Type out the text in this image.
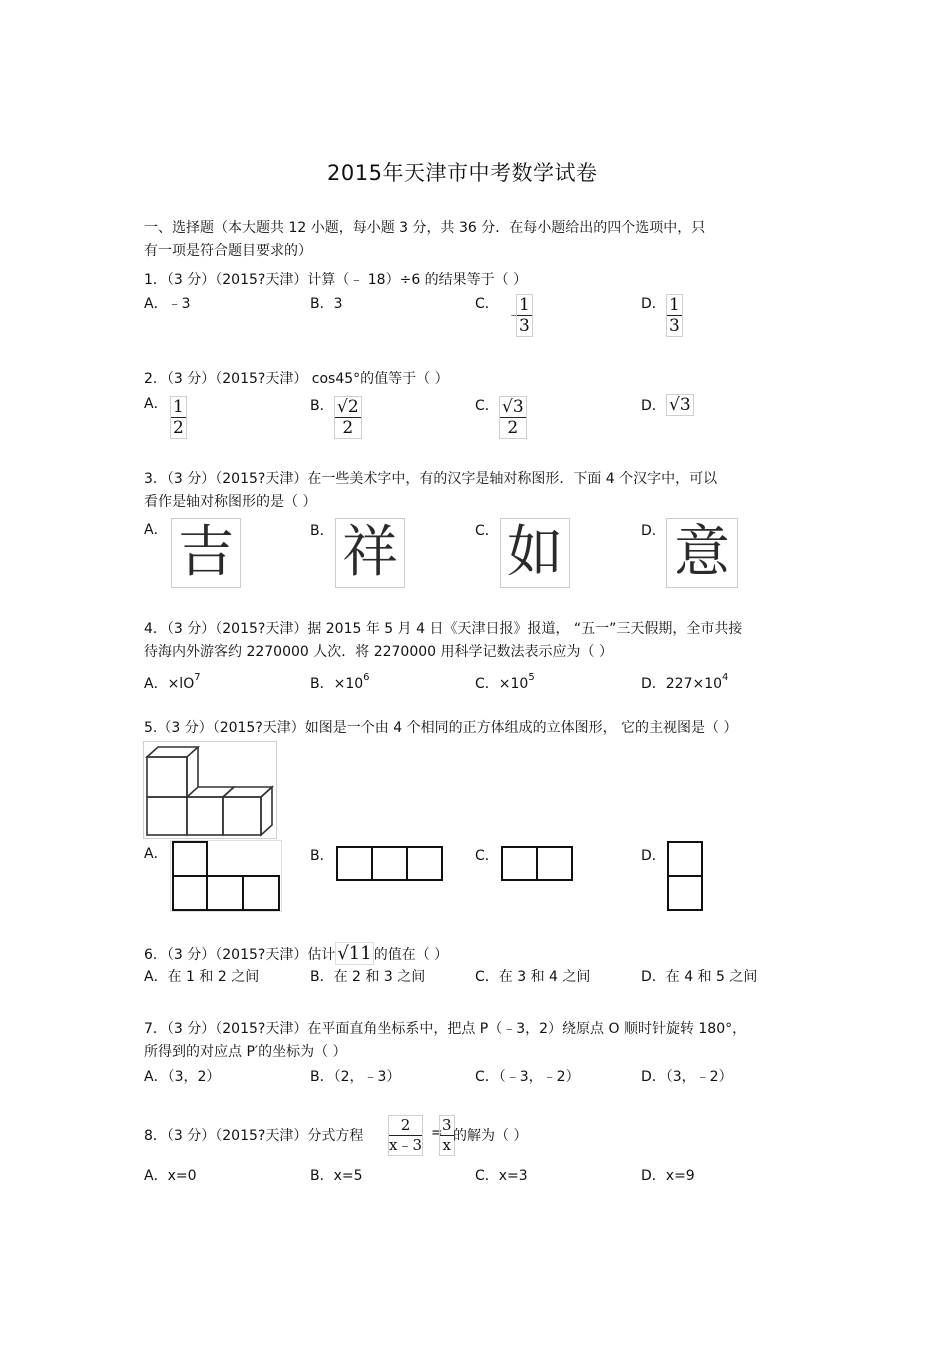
2015年天津市中考数学试卷
一、选择题（本大题共 12 小题，每小题 3 分，共 36 分．在每小题给出的四个选项中，只
有一项是符合题目要求的）
1．（3 分）（2015?天津）计算（﹣ 18）÷6 的结果等于（ ）
A．﹣3	B．3	C．
﹣
$\frac{1}{3}$	D． $\frac{1}{3}$
2．（3 分）（2015?天津） cos45°的值等于（ ）
A． $\frac{1}{2}$	B． $\frac{√2}{2}$	C． $\frac{√3}{2}$	D． √3
3．（3 分）（2015?天津）在一些美术字中，有的汉字是轴对称图形．下面 4 个汉字中，可以
看作是轴对称图形的是（ ）
A． 吉	B． 祥	C． 如	D． 意
4．（3 分）（2015?天津）据 2015 年 5 月 4 日《天津日报》报道， “五一”三天假期，全市共接
待海内外游客约 2270000 人次．将 2270000 用科学记数法表示应为（ ）
A．$\times lO^7$	B．$\times 10^6$	C．$\times 10^5$	D．$227\times 10^4$
5.（3 分）（2015?天津）如图是一个由 4 个相同的正方体组成的立体图形， 它的主视图是（ ）
A．	B．	C．	D．
6．（3 分）（2015?天津）估计 √11 的值在（ ）
A．在 1 和 2 之间	B．在 2 和 3 之间	C．在 3 和 4 之间	D．在 4 和 5 之间
7．（3 分）（2015?天津）在平面直角坐标系中，把点 P（﹣3，2）绕原点 O 顺时针旋转 180°，
所得到的对应点 P′的坐标为（ ）
A．（3，2）	B．（2，﹣3）	C．（﹣3，﹣2）	D．（3，﹣2）
8．（3 分）（2015?天津）分式方程 $\frac{2}{x﹣3}$ =
$\frac{3}{x}$
的解为（ ）
A．x=0	B．x=5	C．x=3	D．x=9
